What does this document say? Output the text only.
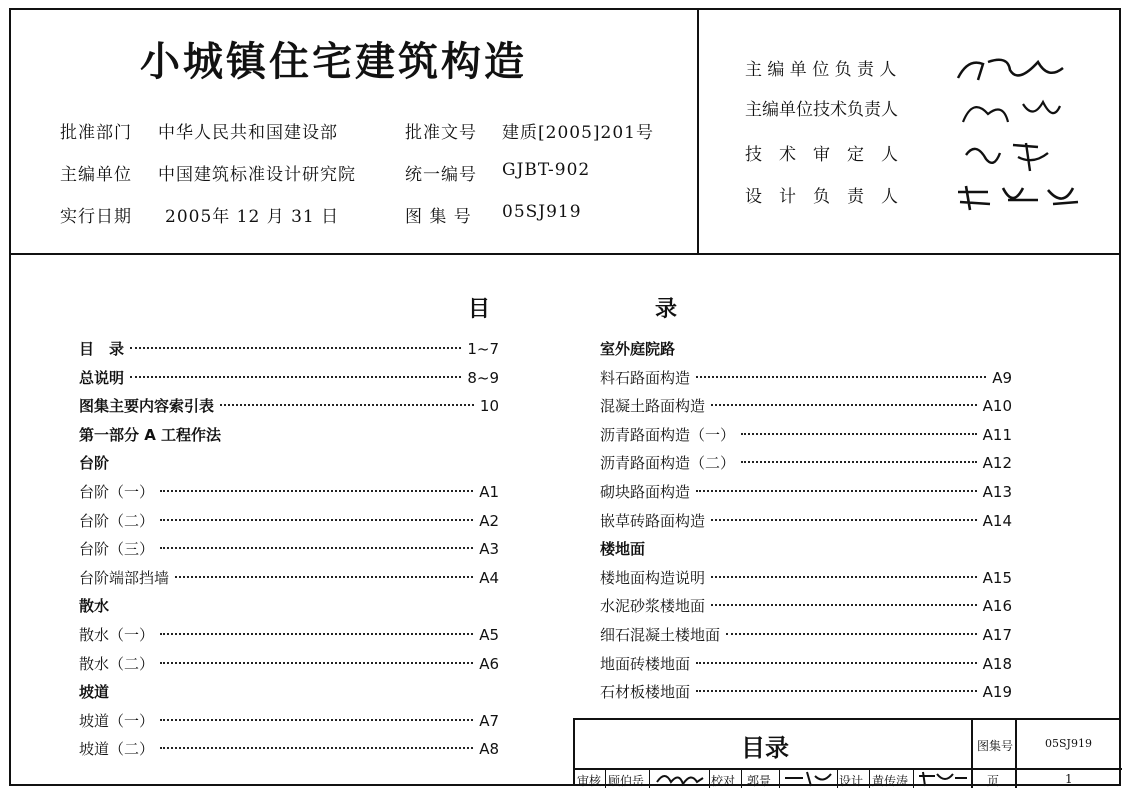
小城镇住宅建筑构造
批准部门 中华人民共和国建设部	批准文号 建质[2005]201号
主编单位 中国建筑标准设计研究院	统一编号 GJBT-902
实行日期 2005年 12 月 31 日	图 集 号 05SJ919
主 编 单 位 负 责 人
主编单位技术负责人
技　术　审　定　人
设　计　负　责　人
目	录
目　录	1~7
总说明	8~9
图集主要内容索引表	10
第一部分 A 工程作法
台阶
台阶（一）	A1
台阶（二）	A2
台阶（三）	A3
台阶端部挡墙	A4
散水
散水（一）	A5
散水（二）	A6
坡道
坡道（一）	A7
坡道（二）	A8
室外庭院路
料石路面构造	A9
混凝土路面构造	A10
沥青路面构造（一）	A11
沥青路面构造（二）	A12
砌块路面构造	A13
嵌草砖路面构造	A14
楼地面
楼地面构造说明	A15
水泥砂浆楼地面	A16
细石混凝土楼地面	A17
地面砖楼地面	A18
石材板楼地面	A19
目录	图集号	05SJ919
审核 顾伯岳	校对 郭景	设计 黄传涛	页	1
